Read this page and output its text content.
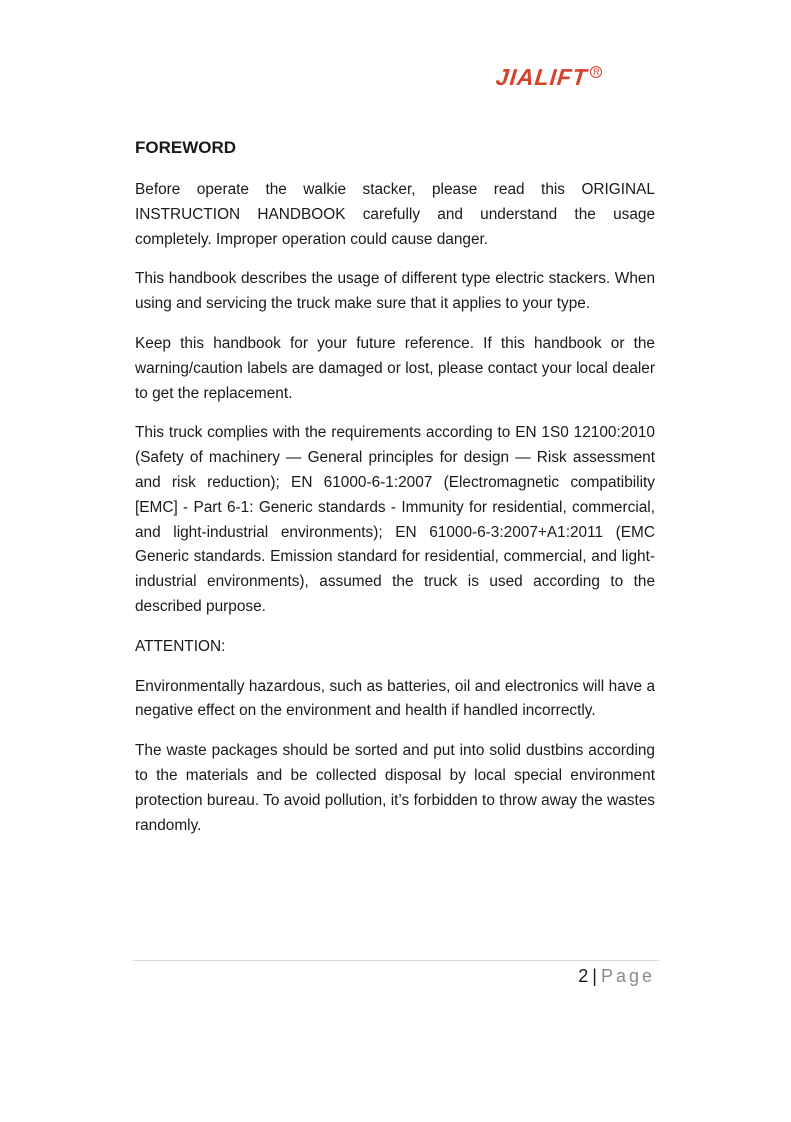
JIALIFT R
FOREWORD

Before operate the walkie stacker, please read this ORIGINAL INSTRUCTION HANDBOOK carefully and understand the usage completely. Improper operation could cause danger.

This handbook describes the usage of different type electric stackers. When using and servicing the truck make sure that it applies to your type.

Keep this handbook for your future reference. If this handbook or the warning/caution labels are damaged or lost, please contact your local dealer to get the replacement.

This truck complies with the requirements according to EN 1S0 12100:2010 (Safety of machinery — General principles for design — Risk assessment and risk reduction); EN 61000-6-1:2007 (Electromagnetic compatibility [EMC] - Part 6-1: Generic standards - Immunity for residential, commercial, and light-industrial environments); EN 61000-6-3:2007+A1:2011 (EMC Generic standards. Emission standard for residential, commercial, and light-industrial environments), assumed the truck is used according to the described purpose.

ATTENTION:

Environmentally hazardous, such as batteries, oil and electronics will have a negative effect on the environment and health if handled incorrectly.

The waste packages should be sorted and put into solid dustbins according to the materials and be collected disposal by local special environment protection bureau. To avoid pollution, it’s forbidden to throw away the wastes randomly.

2 | Page
